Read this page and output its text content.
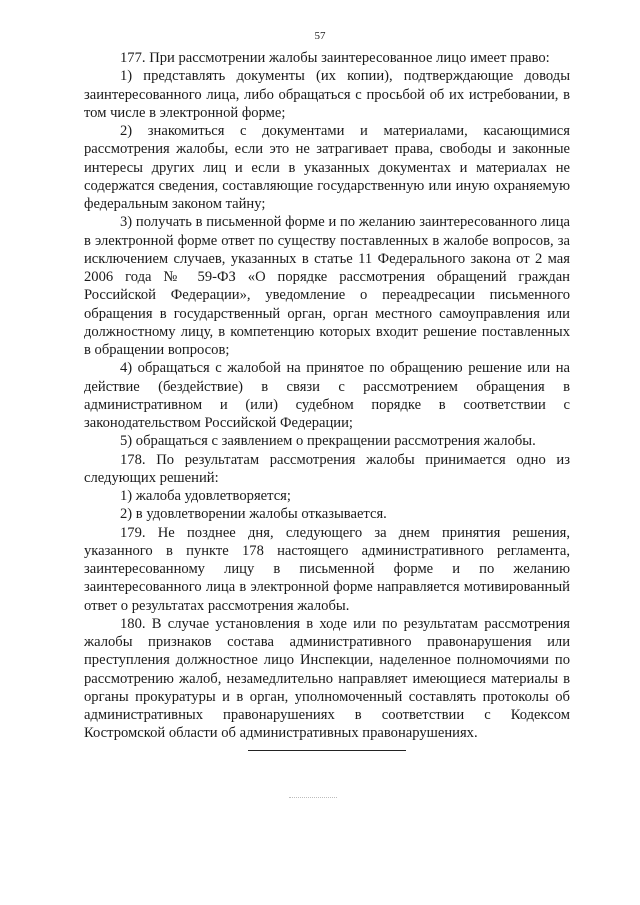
57

177. При рассмотрении жалобы заинтересованное лицо имеет право:

1) представлять документы (их копии), подтверждающие доводы заинтересованного лица, либо обращаться с просьбой об их истребовании, в том числе в электронной форме;

2) знакомиться с документами и материалами, касающимися рассмотрения жалобы, если это не затрагивает права, свободы и законные интересы других лиц и если в указанных документах и материалах не содержатся сведения, составляющие государственную или иную охраняемую федеральным законом тайну;

3) получать в письменной форме и по желанию заинтересованного лица в электронной форме ответ по существу поставленных в жалобе вопросов, за исключением случаев, указанных в статье 11 Федерального закона от 2 мая 2006 года № 59-ФЗ «О порядке рассмотрения обращений граждан Российской Федерации», уведомление о переадресации письменного обращения в государственный орган, орган местного самоуправления или должностному лицу, в компетенцию которых входит решение поставленных в обращении вопросов;

4) обращаться с жалобой на принятое по обращению решение или на действие (бездействие) в связи с рассмотрением обращения в административном и (или) судебном порядке в соответствии с законодательством Российской Федерации;

5) обращаться с заявлением о прекращении рассмотрения жалобы.

178. По результатам рассмотрения жалобы принимается одно из следующих решений:

1) жалоба удовлетворяется;

2) в удовлетворении жалобы отказывается.

179. Не позднее дня, следующего за днем принятия решения, указанного в пункте 178 настоящего административного регламента, заинтересованному лицу в письменной форме и по желанию заинтересованного лица в электронной форме направляется мотивированный ответ о результатах рассмотрения жалобы.

180. В случае установления в ходе или по результатам рассмотрения жалобы признаков состава административного правонарушения или преступления должностное лицо Инспекции, наделенное полномочиями по рассмотрению жалоб, незамедлительно направляет имеющиеся материалы в органы прокуратуры и в орган, уполномоченный составлять протоколы об административных правонарушениях в соответствии с Кодексом Костромской области об административных правонарушениях.
